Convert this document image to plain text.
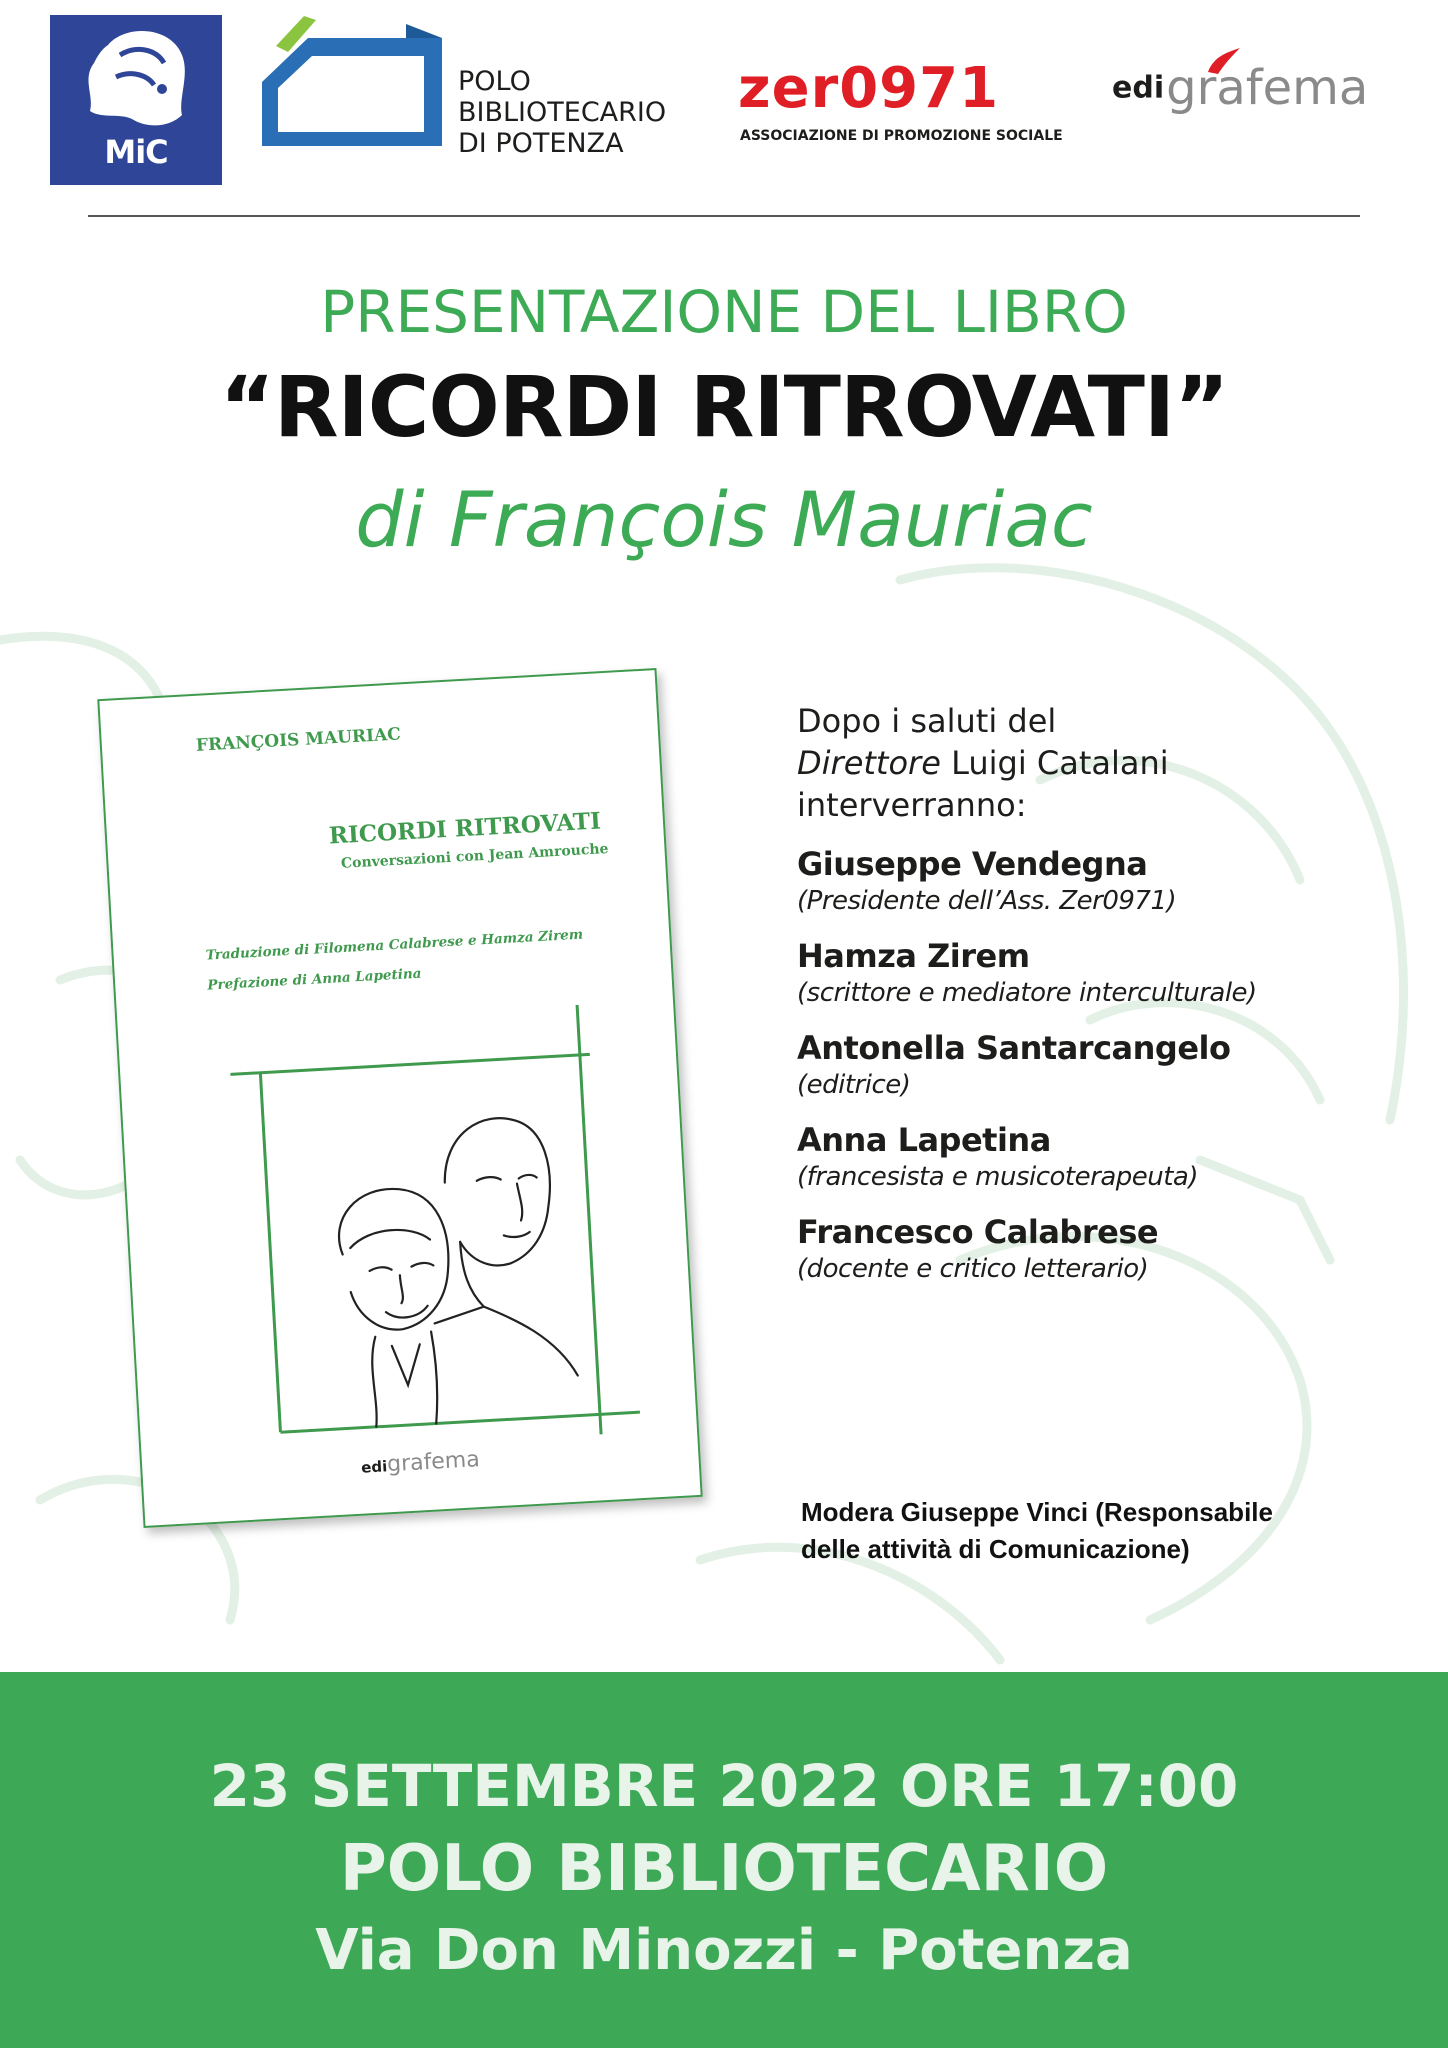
MiC
POLO
BIBLIOTECARIO
DI POTENZA
zer0971
ASSOCIAZIONE DI PROMOZIONE SOCIALE
edigrafema
PRESENTAZIONE DEL LIBRO
“RICORDI RITROVATI”
di François Mauriac
FRANÇOIS MAURIAC
RICORDI RITROVATI
Conversazioni con Jean Amrouche
Traduzione di Filomena Calabrese e Hamza Zirem
Prefazione di Anna Lapetina
edigrafema
Dopo i saluti del
Direttore Luigi Catalani
interverranno:
Giuseppe Vendegna
(Presidente dell’Ass. Zer0971)
Hamza Zirem
(scrittore e mediatore interculturale)
Antonella Santarcangelo
(editrice)
Anna Lapetina
(francesista e musicoterapeuta)
Francesco Calabrese
(docente e critico letterario)
Modera Giuseppe Vinci (Responsabile
delle attività di Comunicazione)
23 SETTEMBRE 2022 ORE 17:00
POLO BIBLIOTECARIO
Via Don Minozzi - Potenza
